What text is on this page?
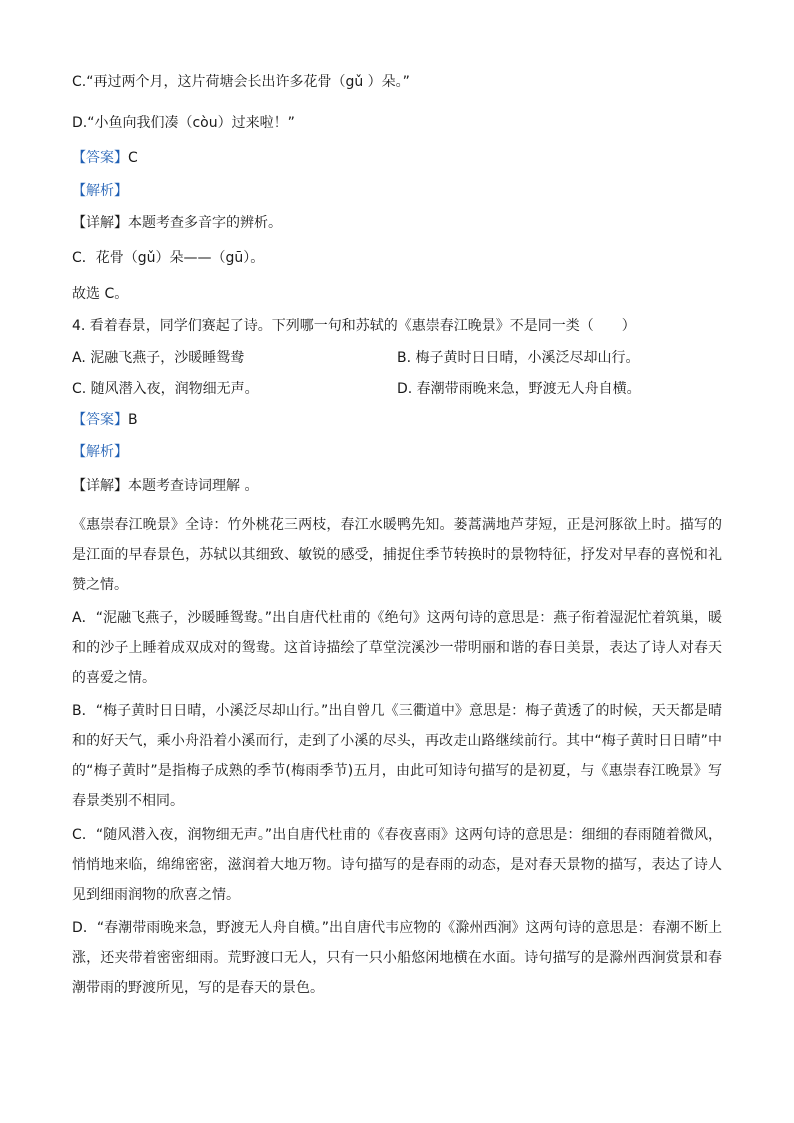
C.“再过两个月，这片荷塘会长出许多花骨（gǔ ）朵。”
D.“小鱼向我们凑（còu）过来啦！”
【答案】C
【解析】
【详解】本题考查多音字的辨析。
C．花骨（gǔ）朵——（gū）。
故选 C。
4. 看着春景，同学们赛起了诗。下列哪一句和苏轼的《惠崇春江晚景》不是同一类（　　）
A. 泥融飞燕子，沙暖睡鸳鸯	B. 梅子黄时日日晴，小溪泛尽却山行。
C. 随风潜入夜，润物细无声。	D. 春潮带雨晚来急，野渡无人舟自横。
【答案】B
【解析】
【详解】本题考查诗词理解 。
《惠崇春江晚景》全诗：竹外桃花三两枝，春江水暖鸭先知。蒌蒿满地芦芽短，正是河豚欲上时。描写的是江面的早春景色，苏轼以其细致、敏锐的感受，捕捉住季节转换时的景物特征，抒发对早春的喜悦和礼赞之情。
A．“泥融飞燕子，沙暖睡鸳鸯。”出自唐代杜甫的《绝句》这两句诗的意思是：燕子衔着湿泥忙着筑巢，暖和的沙子上睡着成双成对的鸳鸯。这首诗描绘了草堂浣溪沙一带明丽和谐的春日美景，表达了诗人对春天的喜爱之情。
B．“梅子黄时日日晴，小溪泛尽却山行。”出自曾几《三衢道中》意思是：梅子黄透了的时候，天天都是晴和的好天气，乘小舟沿着小溪而行，走到了小溪的尽头，再改走山路继续前行。其中“梅子黄时日日晴”中的“梅子黄时”是指梅子成熟的季节(梅雨季节)五月，由此可知诗句描写的是初夏，与《惠崇春江晚景》写春景类别不相同。
C．“随风潜入夜，润物细无声。”出自唐代杜甫的《春夜喜雨》这两句诗的意思是：细细的春雨随着微风，悄悄地来临，绵绵密密，滋润着大地万物。诗句描写的是春雨的动态，是对春天景物的描写，表达了诗人见到细雨润物的欣喜之情。
D．“春潮带雨晚来急，野渡无人舟自横。”出自唐代韦应物的《滁州西涧》这两句诗的意思是：春潮不断上涨，还夹带着密密细雨。荒野渡口无人，只有一只小船悠闲地横在水面。诗句描写的是滁州西涧赏景和春潮带雨的野渡所见，写的是春天的景色。
